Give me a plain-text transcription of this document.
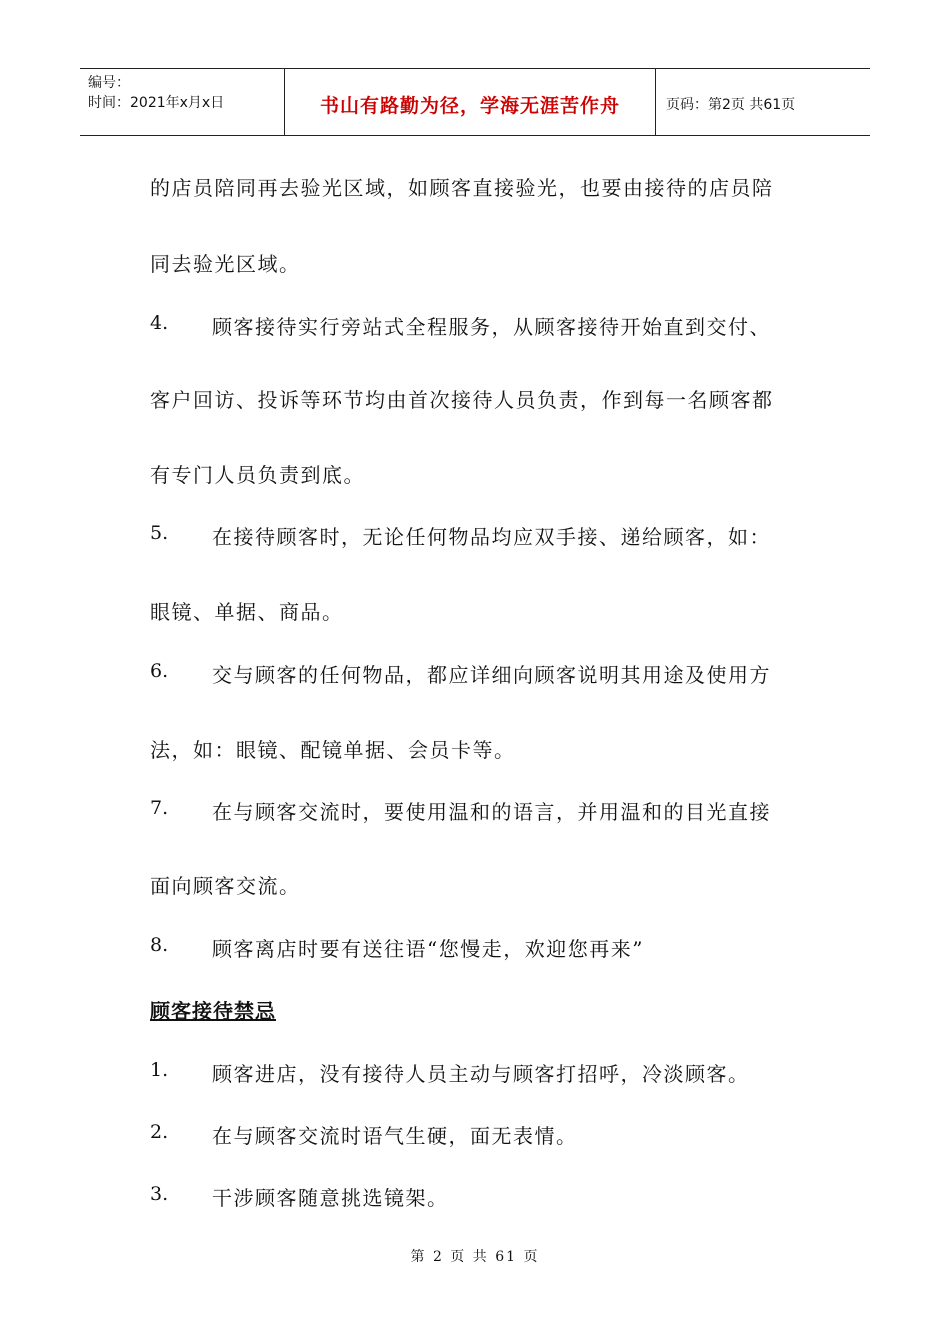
编号：
时间：2021年x月x日	书山有路勤为径，学海无涯苦作舟	页码：第2页 共61页
的店员陪同再去验光区域，如顾客直接验光，也要由接待的店员陪
同去验光区域。
4. 顾客接待实行旁站式全程服务，从顾客接待开始直到交付、
客户回访、投诉等环节均由首次接待人员负责，作到每一名顾客都
有专门人员负责到底。
5. 在接待顾客时，无论任何物品均应双手接、递给顾客，如：
眼镜、单据、商品。
6. 交与顾客的任何物品，都应详细向顾客说明其用途及使用方
法，如：眼镜、配镜单据、会员卡等。
7. 在与顾客交流时，要使用温和的语言，并用温和的目光直接
面向顾客交流。
8. 顾客离店时要有送往语“您慢走，欢迎您再来”
顾客接待禁忌
1. 顾客进店，没有接待人员主动与顾客打招呼，冷淡顾客。
2. 在与顾客交流时语气生硬，面无表情。
3. 干涉顾客随意挑选镜架。
第 2 页 共 61 页
